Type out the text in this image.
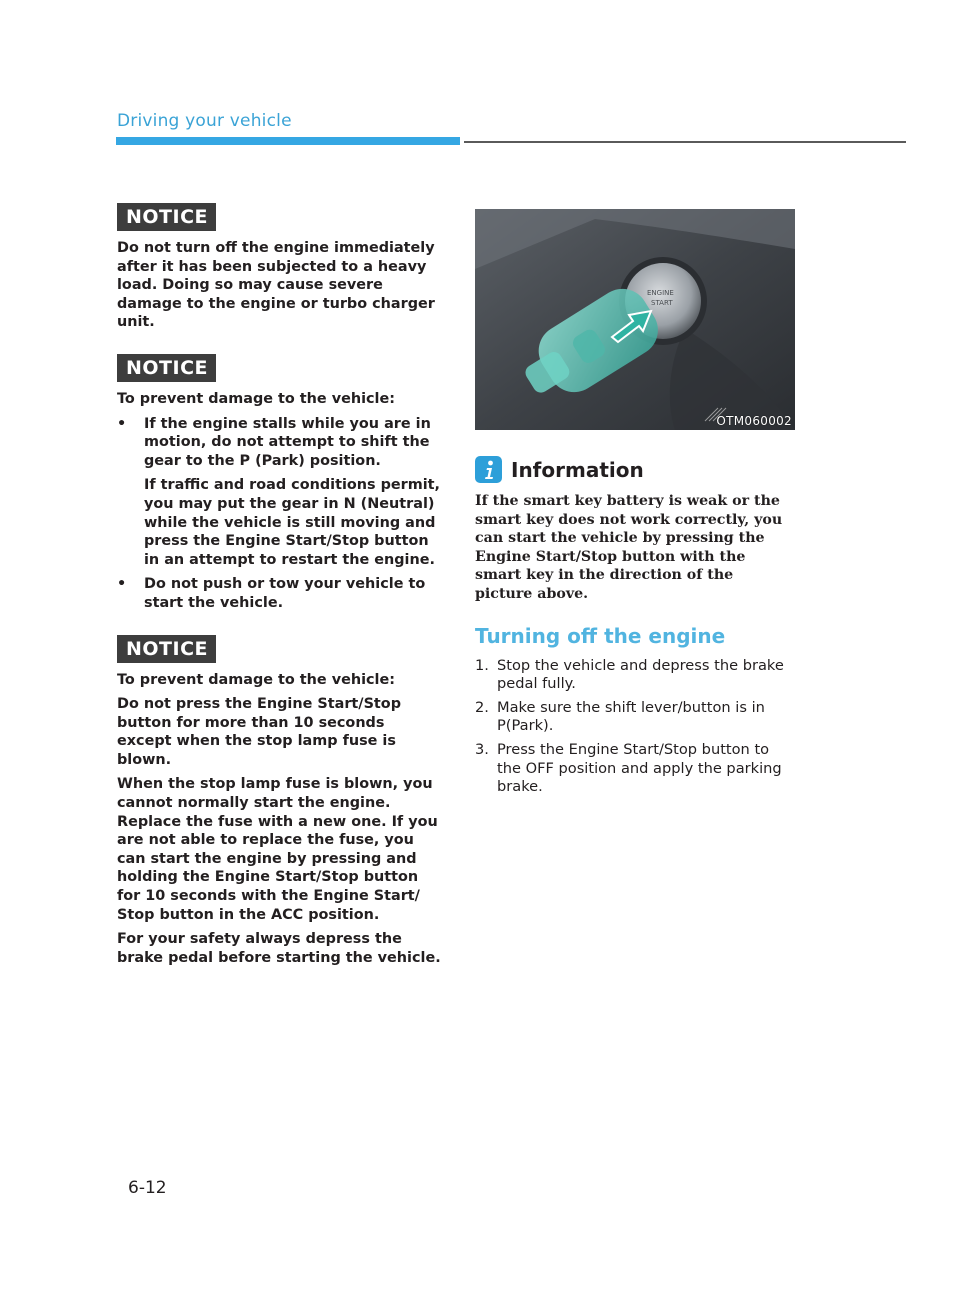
Driving your vehicle
NOTICE

Do not turn off the engine immediately after it has been subjected to a heavy load. Doing so may cause severe damage to the engine or turbo charger unit.

NOTICE

To prevent damage to the vehicle:

• If the engine stalls while you are in motion, do not attempt to shift the gear to the P (Park) position.

If traffic and road conditions permit, you may put the gear in N (Neutral) while the vehicle is still moving and press the Engine Start/Stop button in an attempt to restart the engine.

• Do not push or tow your vehicle to start the vehicle.

NOTICE

To prevent damage to the vehicle:

Do not press the Engine Start/Stop button for more than 10 seconds except when the stop lamp fuse is blown.

When the stop lamp fuse is blown, you cannot normally start the engine. Replace the fuse with a new one. If you are not able to replace the fuse, you can start the engine by pressing and holding the Engine Start/Stop button for 10 seconds with the Engine Start/ Stop button in the ACC position.

For your safety always depress the brake pedal before starting the vehicle.

ENGINE
START
OTM060002
Information

If the smart key battery is weak or the smart key does not work correctly, you can start the vehicle by pressing the Engine Start/Stop button with the smart key in the direction of the picture above.

Turning off the engine
1. Stop the vehicle and depress the brake pedal fully.
2. Make sure the shift lever/button is in P(Park).
3. Press the Engine Start/Stop button to the OFF position and apply the parking brake.
6-12
